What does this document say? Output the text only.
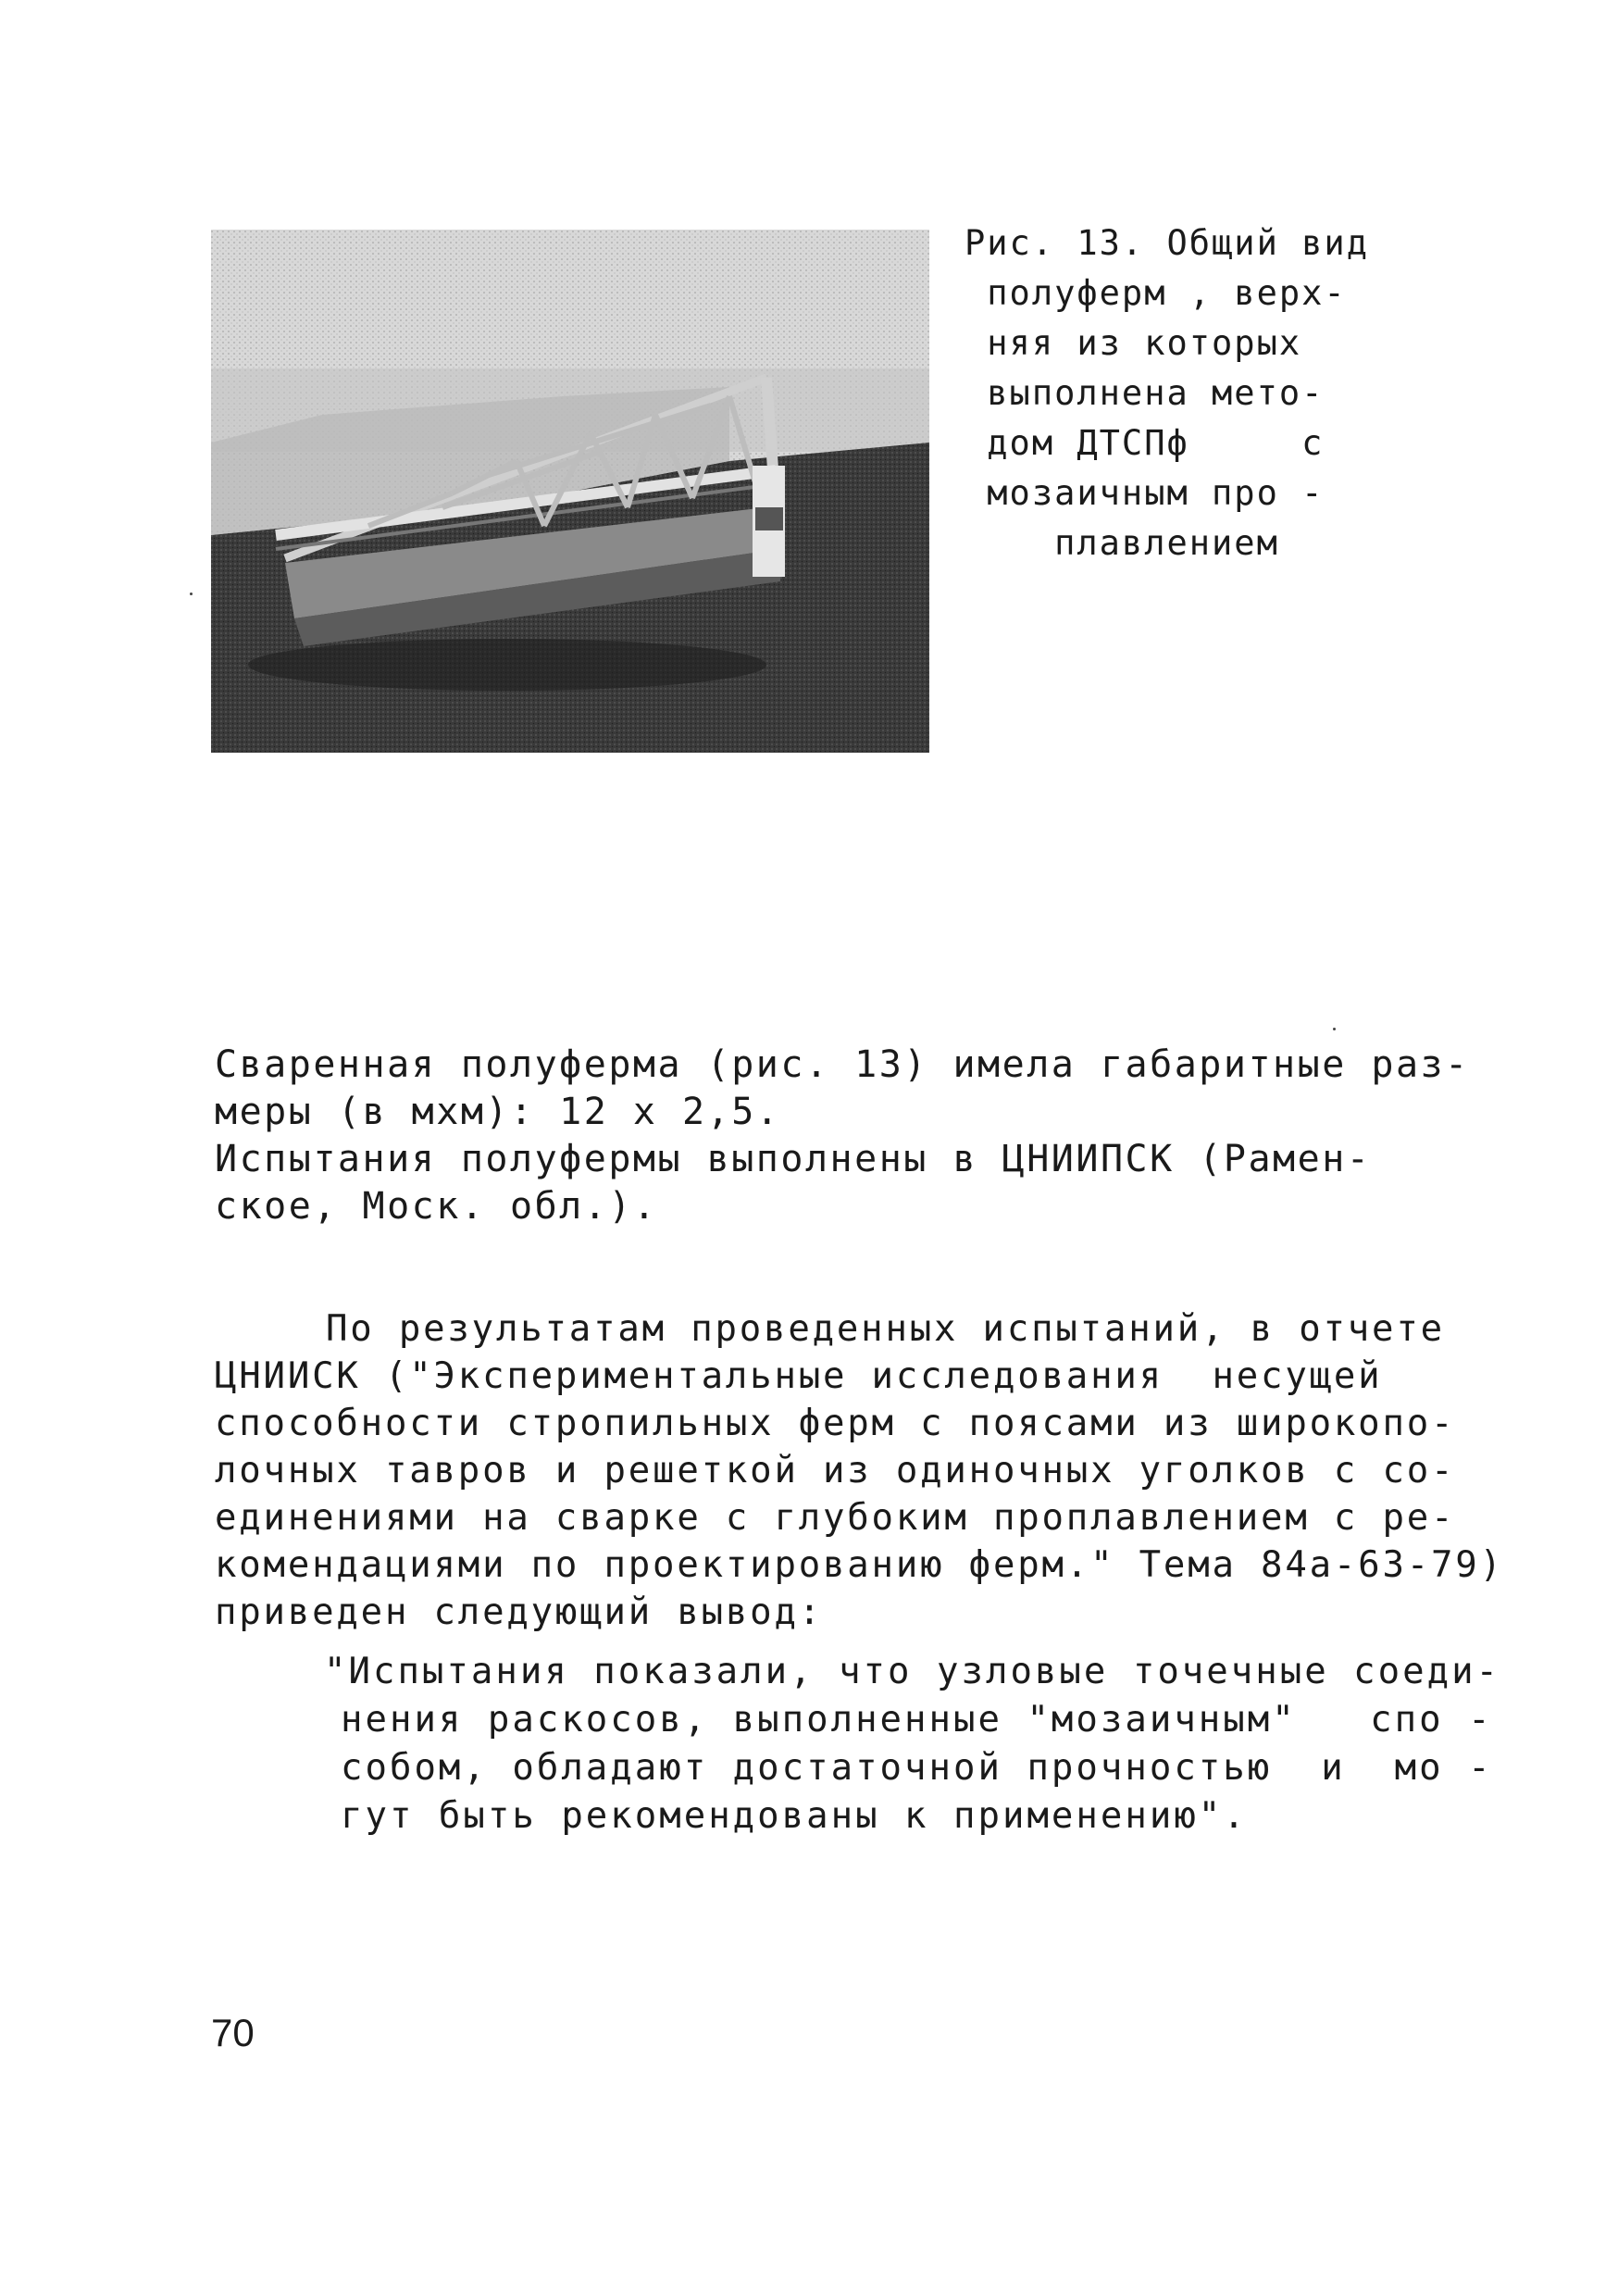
Рис. 13. Общий вид
полуферм , верх-
няя из которых
выполнена мето-
дом ДТСПф     с
мозаичным про -
плавлением
Сваренная полуферма (рис. 13) имела габаритные раз-
меры (в мхм): 12 х 2,5.
Испытания полуфермы выполнены в ЦНИИПСК (Рамен-
ское, Моск. обл.).
По результатам проведенных испытаний, в отчете
ЦНИИСК ("Экспериментальные исследования  несущей
способности стропильных ферм с поясами из широкопо-
лочных тавров и решеткой из одиночных уголков с со-
единениями на сварке с глубоким проплавлением с ре-
комендациями по проектированию ферм." Тема 84а-63-79)
приведен следующий вывод:
"Испытания показали, что узловые точечные соеди-
нения раскосов, выполненные "мозаичным"   спо -
собом, обладают достаточной прочностью  и  мо -
гут быть рекомендованы к применению".
70
